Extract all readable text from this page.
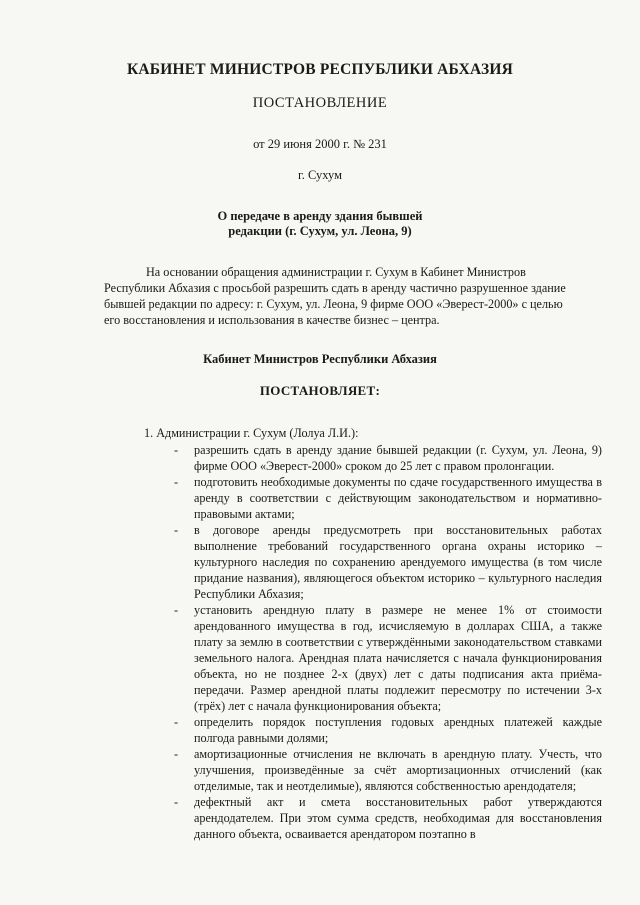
КАБИНЕТ МИНИСТРОВ РЕСПУБЛИКИ АБХАЗИЯ
ПОСТАНОВЛЕНИЕ
от 29 июня 2000 г. № 231
г. Сухум
О передаче в аренду здания бывшей
редакции (г. Сухум, ул. Леона, 9)
На основании обращения администрации г. Сухум в Кабинет Министров
Республики Абхазия с просьбой разрешить сдать в аренду частично разрушенное здание
бывшей редакции по адресу: г. Сухум, ул. Леона, 9 фирме ООО «Эверест-2000» с целью
его восстановления и использования в качестве бизнес – центра.
Кабинет Министров Республики Абхазия
ПОСТАНОВЛЯЕТ:
1. Администрации г. Сухум (Лолуа Л.И.):
- разрешить сдать в аренду здание бывшей редакции (г. Сухум, ул. Леона, 9) фирме ООО «Эверест-2000» сроком до 25 лет с правом пролонгации.
- подготовить необходимые документы по сдаче государственного имущества в аренду в соответствии с действующим законодательством и нормативно-правовыми актами;
- в договоре аренды предусмотреть при восстановительных работах выполнение требований государственного органа охраны историко – культурного наследия по сохранению арендуемого имущества (в том числе придание названия), являющегося объектом историко – культурного наследия Республики Абхазия;
- установить арендную плату в размере не менее 1% от стоимости арендованного имущества в год, исчисляемую в долларах США, а также плату за землю в соответствии с утверждёнными законодательством ставками земельного налога. Арендная плата начисляется с начала функционирования объекта, но не позднее 2-х (двух) лет с даты подписания акта приёма-передачи. Размер арендной платы подлежит пересмотру по истечении 3-х (трёх) лет с начала функционирования объекта;
- определить порядок поступления годовых арендных платежей каждые полгода равными долями;
- амортизационные отчисления не включать в арендную плату. Учесть, что улучшения, произведённые за счёт амортизационных отчислений (как отделимые, так и неотделимые), являются собственностью арендодателя;
- дефектный акт и смета восстановительных работ утверждаются арендодателем. При этом сумма средств, необходимая для восстановления данного объекта, осваивается арендатором поэтапно в
